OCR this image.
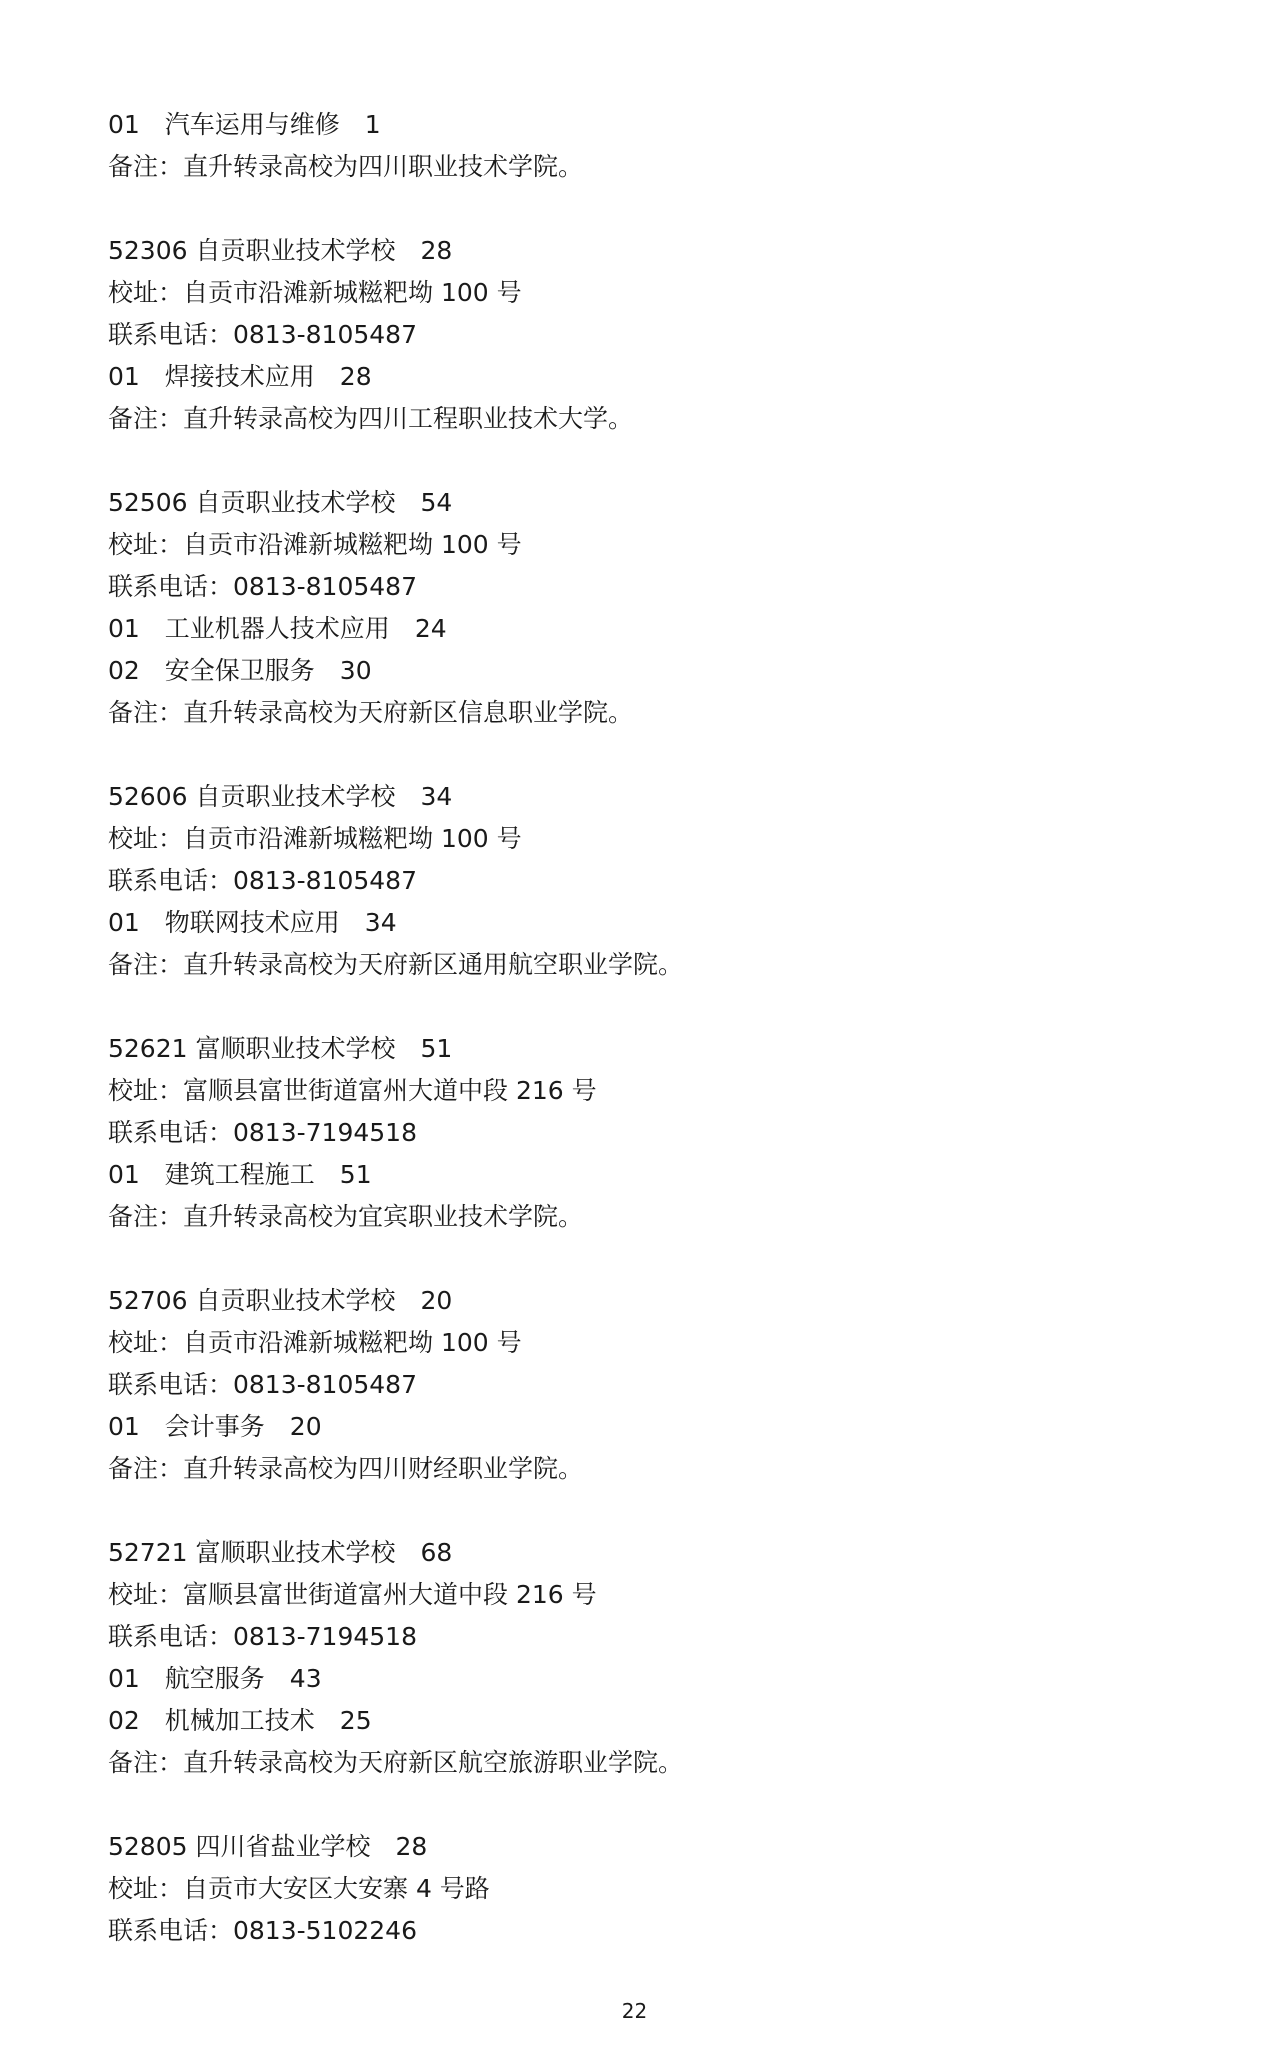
01　汽车运用与维修　1
备注：直升转录高校为四川职业技术学院。
52306 自贡职业技术学校　28
校址：自贡市沿滩新城糍粑坳 100 号
联系电话：0813-8105487
01　焊接技术应用　28
备注：直升转录高校为四川工程职业技术大学。
52506 自贡职业技术学校　54
校址：自贡市沿滩新城糍粑坳 100 号
联系电话：0813-8105487
01　工业机器人技术应用　24
02　安全保卫服务　30
备注：直升转录高校为天府新区信息职业学院。
52606 自贡职业技术学校　34
校址：自贡市沿滩新城糍粑坳 100 号
联系电话：0813-8105487
01　物联网技术应用　34
备注：直升转录高校为天府新区通用航空职业学院。
52621 富顺职业技术学校　51
校址：富顺县富世街道富州大道中段 216 号
联系电话：0813-7194518
01　建筑工程施工　51
备注：直升转录高校为宜宾职业技术学院。
52706 自贡职业技术学校　20
校址：自贡市沿滩新城糍粑坳 100 号
联系电话：0813-8105487
01　会计事务　20
备注：直升转录高校为四川财经职业学院。
52721 富顺职业技术学校　68
校址：富顺县富世街道富州大道中段 216 号
联系电话：0813-7194518
01　航空服务　43
02　机械加工技术　25
备注：直升转录高校为天府新区航空旅游职业学院。
52805 四川省盐业学校　28
校址：自贡市大安区大安寨 4 号路
联系电话：0813-5102246
22
